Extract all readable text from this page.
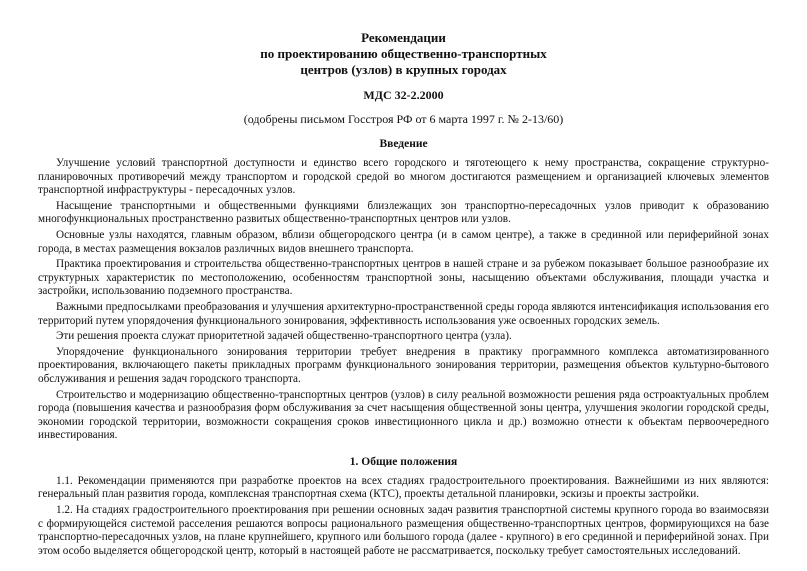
Рекомендации

по проектированию общественно-транспортных

центров (узлов) в крупных городах

МДС 32-2.2000

(одобрены письмом Госстроя РФ от 6 марта 1997 г. № 2-13/60)

Введение

Улучшение условий транспортной доступности и единство всего городского и тяготеющего к нему пространства, сокращение структурно-планировочных противоречий между транспортом и городской средой во многом достигаются размещением и организацией ключевых элементов транспортной инфраструктуры - пересадочных узлов.

Насыщение транспортными и общественными функциями близлежащих зон транспортно-пересадочных узлов приводит к образованию многофункциональных пространственно развитых общественно-транспортных центров или узлов.

Основные узлы находятся, главным образом, вблизи общегородского центра (и в самом центре), а также в срединной или периферийной зонах города, в местах размещения вокзалов различных видов внешнего транспорта.

Практика проектирования и строительства общественно-транспортных центров в нашей стране и за рубежом показывает большое разнообразие их структурных характеристик по местоположению, особенностям транспортной зоны, насыщению объектами обслуживания, площади участка и застройки, использованию подземного пространства.

Важными предпосылками преобразования и улучшения архитектурно-пространственной среды города являются интенсификация использования его территорий путем упорядочения функционального зонирования, эффективность использования уже освоенных городских земель.

Эти решения проекта служат приоритетной задачей общественно-транспортного центра (узла).

Упорядочение функционального зонирования территории требует внедрения в практику программного комплекса автоматизированного проектирования, включающего пакеты прикладных программ функционального зонирования территории, размещения объектов культурно-бытового обслуживания и решения задач городского транспорта.

Строительство и модернизацию общественно-транспортных центров (узлов) в силу реальной возможности решения ряда остроактуальных проблем города (повышения качества и разнообразия форм обслуживания за счет насыщения общественной зоны центра, улучшения экологии городской среды, экономии городской территории, возможности сокращения сроков инвестиционного цикла и др.) возможно отнести к объектам первоочередного инвестирования.

1. Общие положения

1.1. Рекомендации применяются при разработке проектов на всех стадиях градостроительного проектирования. Важнейшими из них являются: генеральный план развития города, комплексная транспортная схема (КТС), проекты детальной планировки, эскизы и проекты застройки.

1.2. На стадиях градостроительного проектирования при решении основных задач развития транспортной системы крупного города во взаимосвязи с формирующейся системой расселения решаются вопросы рационального размещения общественно-транспортных центров, формирующихся на базе транспортно-пересадочных узлов, на плане крупнейшего, крупного или большого города (далее - крупного) в его срединной и периферийной зонах. При этом особо выделяется общегородской центр, который в настоящей работе не рассматривается, поскольку требует самостоятельных исследований.
